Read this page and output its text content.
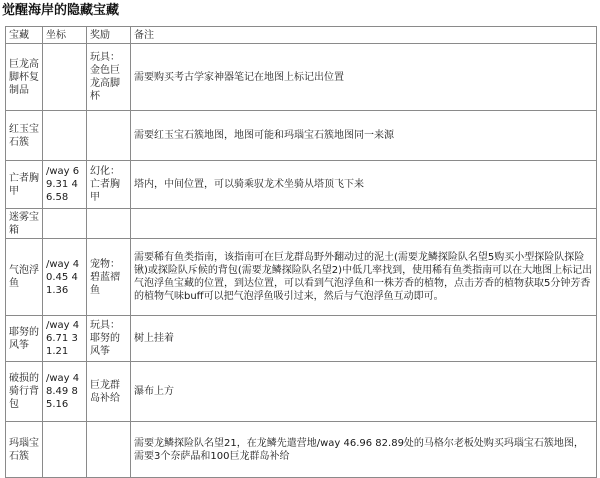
觉醒海岸的隐藏宝藏
宝藏	坐标	奖励	备注
巨龙高脚杯复制品		玩具：金色巨龙高脚杯	需要购买考古学家神器笔记在地图上标记出位置
红玉宝石簇			需要红玉宝石簇地图，地图可能和玛瑙宝石簇地图同一来源
亡者胸甲	/way 69.31 46.58	幻化：亡者胸甲	塔内，中间位置，可以骑乘驭龙术坐骑从塔顶飞下来
迷雾宝箱			
气泡浮鱼	/way 40.45 41.36	宠物：碧蓝褶鱼	需要稀有鱼类指南，该指南可在巨龙群岛野外翻动过的泥土(需要龙鳞探险队名望5购买小型探险队探险锹)或探险队斥候的背包(需要龙鳞探险队名望2)中低几率找到，使用稀有鱼类指南可以在大地图上标记出气泡浮鱼宝藏的位置，到达位置，可以看到气泡浮鱼和一株芳香的植物，点击芳香的植物获取5分钟芳香的植物气味buff可以把气泡浮鱼吸引过来，然后与气泡浮鱼互动即可。
耶努的风筝	/way 46.71 31.21	玩具：耶努的风筝	树上挂着
破损的骑行背包	/way 48.49 85.16	巨龙群岛补给	瀑布上方
玛瑙宝石簇			需要龙鳞探险队名望21，在龙鳞先遣营地/way 46.96 82.89处的马格尔老板处购买玛瑙宝石簇地图，需要3个奈萨晶和100巨龙群岛补给
